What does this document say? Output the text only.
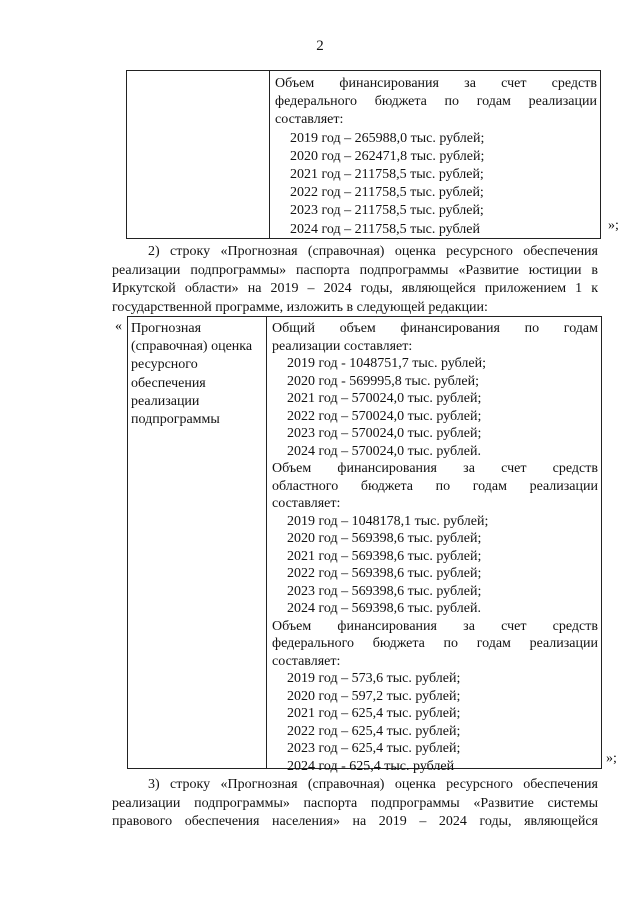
2
Объем финансирования за счет средств
федерального бюджета по годам реализации
составляет:
2019 год – 265988,0 тыс. рублей;
2020 год – 262471,8 тыс. рублей;
2021 год – 211758,5 тыс. рублей;
2022 год – 211758,5 тыс. рублей;
2023 год – 211758,5 тыс. рублей;
2024 год – 211758,5 тыс. рублей	»;
2) строку «Прогнозная (справочная) оценка ресурсного обеспечения
реализации подпрограммы» паспорта подпрограммы «Развитие юстиции в
Иркутской области» на 2019 – 2024 годы, являющейся приложением 1 к
государственной программе, изложить в следующей редакции:
« Прогнозная
(справочная) оценка
ресурсного
обеспечения
реализации
подпрограммы
Общий объем финансирования по годам
реализации составляет:
2019 год - 1048751,7 тыс. рублей;
2020 год - 569995,8 тыс. рублей;
2021 год – 570024,0 тыс. рублей;
2022 год – 570024,0 тыс. рублей;
2023 год – 570024,0 тыс. рублей;
2024 год – 570024,0 тыс. рублей.
Объем финансирования за счет средств
областного бюджета по годам реализации
составляет:
2019 год – 1048178,1 тыс. рублей;
2020 год – 569398,6 тыс. рублей;
2021 год – 569398,6 тыс. рублей;
2022 год – 569398,6 тыс. рублей;
2023 год – 569398,6 тыс. рублей;
2024 год – 569398,6 тыс. рублей.
Объем финансирования за счет средств
федерального бюджета по годам реализации
составляет:
2019 год – 573,6 тыс. рублей;
2020 год – 597,2 тыс. рублей;
2021 год – 625,4 тыс. рублей;
2022 год – 625,4 тыс. рублей;
2023 год – 625,4 тыс. рублей;
2024 год - 625,4 тыс. рублей	»;
3) строку «Прогнозная (справочная) оценка ресурсного обеспечения
реализации подпрограммы» паспорта подпрограммы «Развитие системы
правового обеспечения населения» на 2019 – 2024 годы, являющейся
